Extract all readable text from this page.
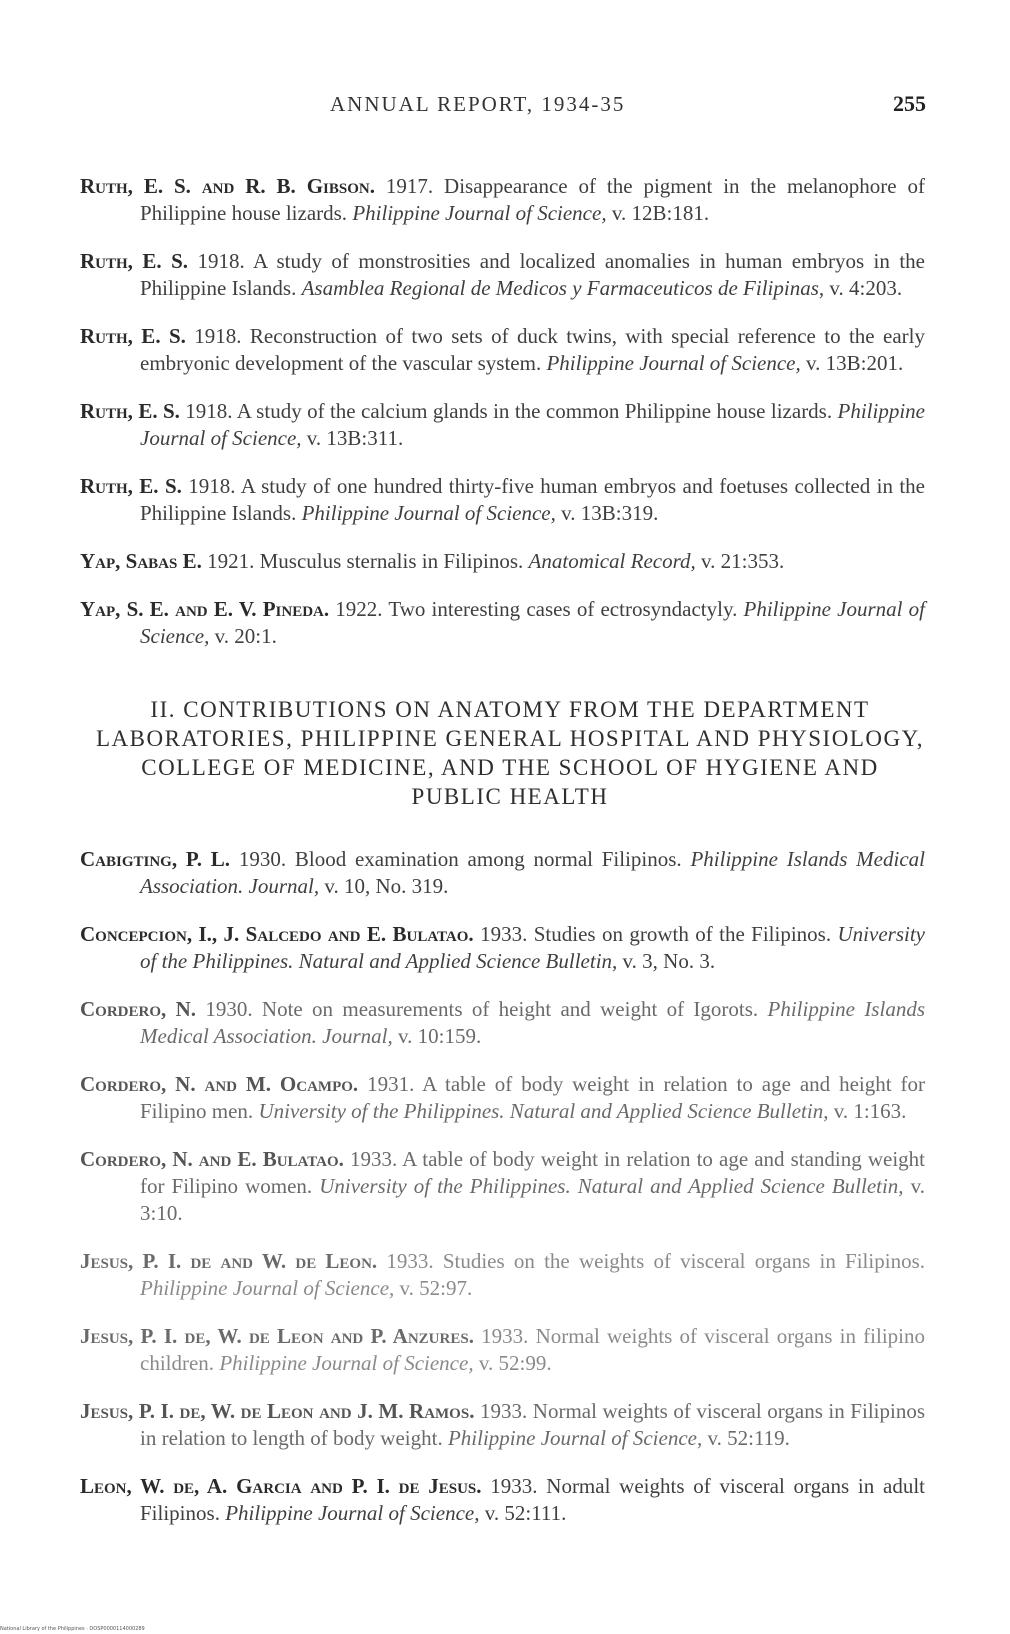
ANNUAL REPORT, 1934-35	255

Ruth, E. S. and R. B. Gibson. 1917. Disappearance of the pigment in the melanophore of Philippine house lizards. Philippine Journal of Science, v. 12B:181.

Ruth, E. S. 1918. A study of monstrosities and localized anomalies in human embryos in the Philippine Islands. Asamblea Regional de Medicos y Farmaceuticos de Filipinas, v. 4:203.

Ruth, E. S. 1918. Reconstruction of two sets of duck twins, with special reference to the early embryonic development of the vascular system. Philippine Journal of Science, v. 13B:201.

Ruth, E. S. 1918. A study of the calcium glands in the common Philippine house lizards. Philippine Journal of Science, v. 13B:311.

Ruth, E. S. 1918. A study of one hundred thirty-five human embryos and foetuses collected in the Philippine Islands. Philippine Journal of Science, v. 13B:319.

Yap, Sabas E. 1921. Musculus sternalis in Filipinos. Anatomical Record, v. 21:353.

Yap, S. E. and E. V. Pineda. 1922. Two interesting cases of ectrosyndactyly. Philippine Journal of Science, v. 20:1.

II. CONTRIBUTIONS ON ANATOMY FROM THE DEPARTMENT LABORATORIES, PHILIPPINE GENERAL HOSPITAL AND PHYSIOLOGY, COLLEGE OF MEDICINE, AND THE SCHOOL OF HYGIENE AND PUBLIC HEALTH

Cabigting, P. L. 1930. Blood examination among normal Filipinos. Philippine Islands Medical Association. Journal, v. 10, No. 319.

Concepcion, I., J. Salcedo and E. Bulatao. 1933. Studies on growth of the Filipinos. University of the Philippines. Natural and Applied Science Bulletin, v. 3, No. 3.

Cordero, N. 1930. Note on measurements of height and weight of Igorots. Philippine Islands Medical Association. Journal, v. 10:159.

Cordero, N. and M. Ocampo. 1931. A table of body weight in relation to age and height for Filipino men. University of the Philippines. Natural and Applied Science Bulletin, v. 1:163.

Cordero, N. and E. Bulatao. 1933. A table of body weight in relation to age and standing weight for Filipino women. University of the Philippines. Natural and Applied Science Bulletin, v. 3:10.

Jesus, P. I. de and W. de Leon. 1933. Studies on the weights of visceral organs in Filipinos. Philippine Journal of Science, v. 52:97.

Jesus, P. I. de, W. de Leon and P. Anzures. 1933. Normal weights of visceral organs in filipino children. Philippine Journal of Science, v. 52:99.

Jesus, P. I. de, W. de Leon and J. M. Ramos. 1933. Normal weights of visceral organs in Filipinos in relation to length of body weight. Philippine Journal of Science, v. 52:119.

Leon, W. de, A. Garcia and P. I. de Jesus. 1933. Normal weights of visceral organs in adult Filipinos. Philippine Journal of Science, v. 52:111.

National Library of the Philippines · DOSP0000114000289
